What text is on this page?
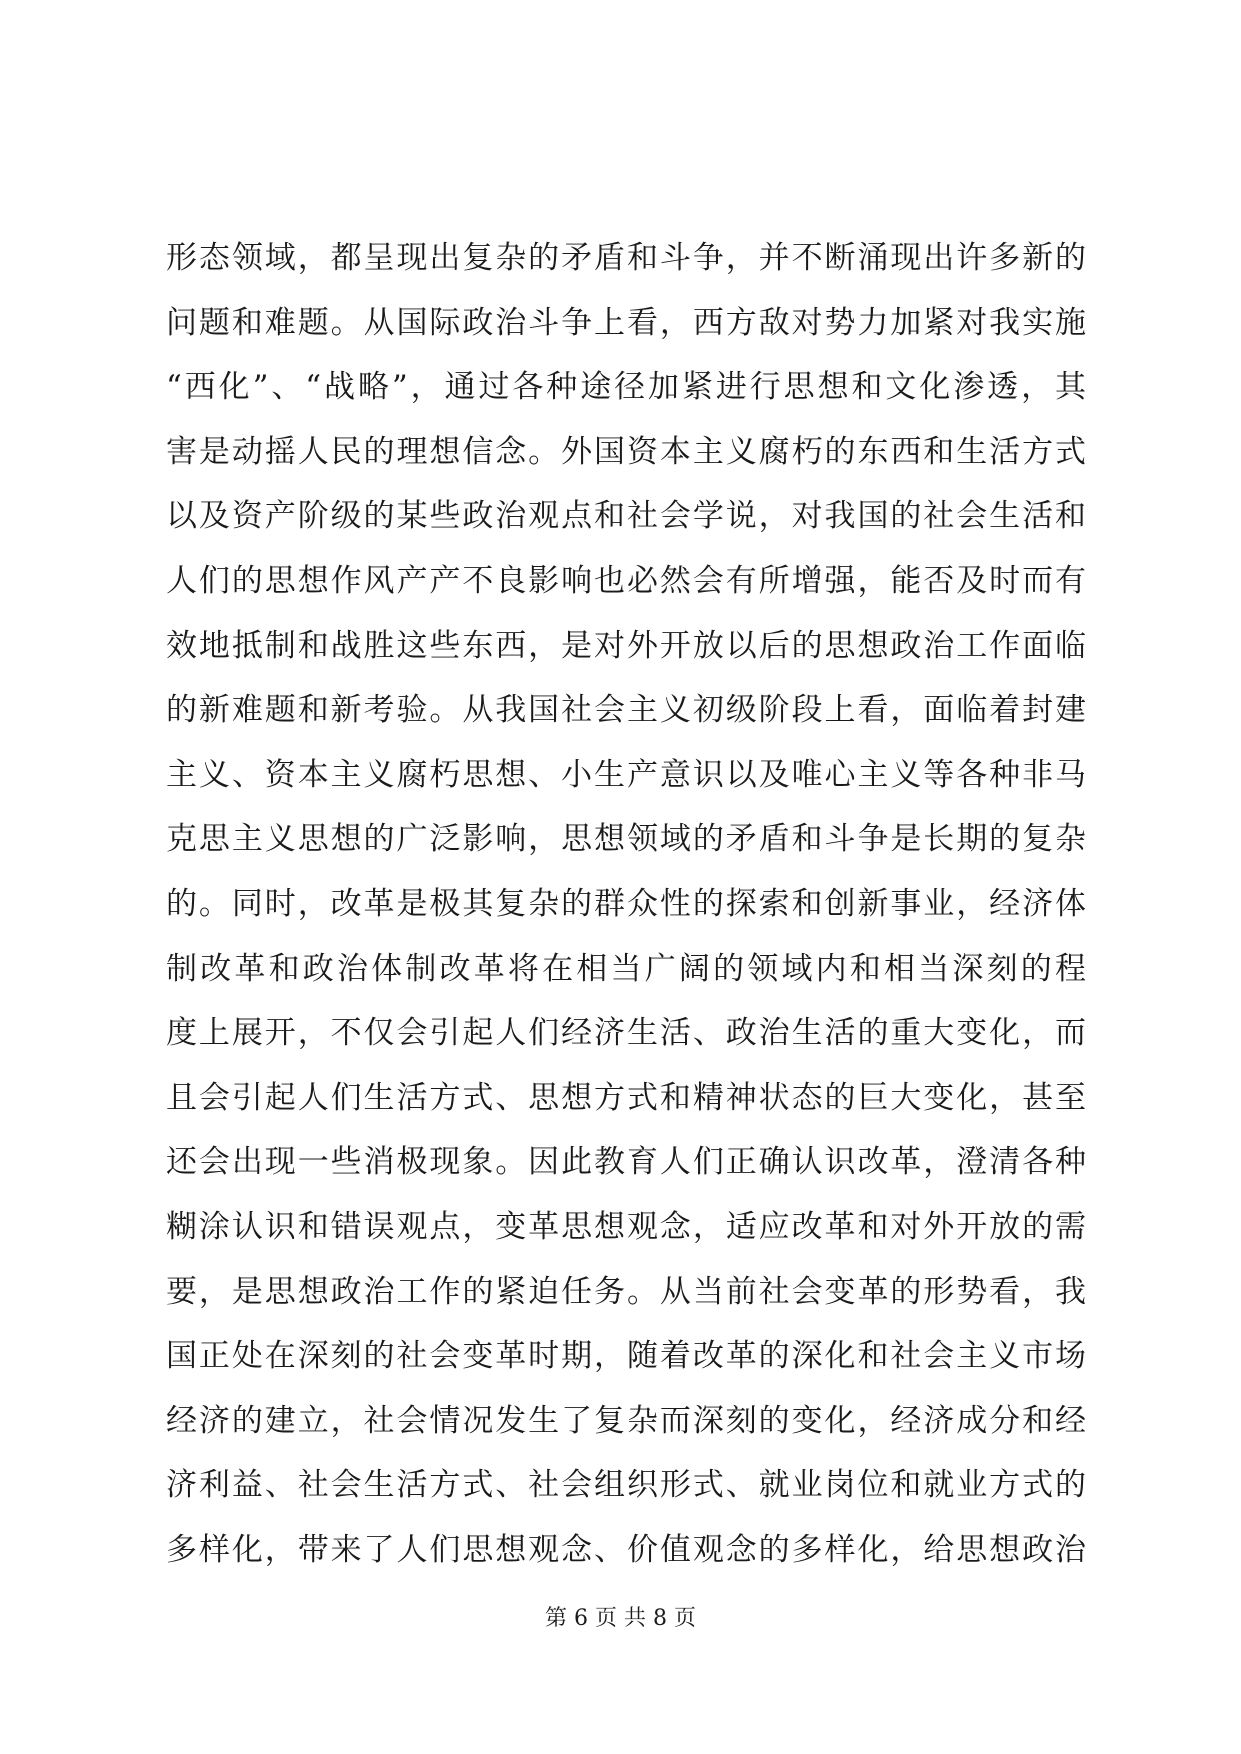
形态领域，都呈现出复杂的矛盾和斗争，并不断涌现出许多新的
问题和难题。从国际政治斗争上看，西方敌对势力加紧对我实施
“西化”、“战略”，通过各种途径加紧进行思想和文化渗透，其
害是动摇人民的理想信念。外国资本主义腐朽的东西和生活方式
以及资产阶级的某些政治观点和社会学说，对我国的社会生活和
人们的思想作风产产不良影响也必然会有所增强，能否及时而有
效地抵制和战胜这些东西，是对外开放以后的思想政治工作面临
的新难题和新考验。从我国社会主义初级阶段上看，面临着封建
主义、资本主义腐朽思想、小生产意识以及唯心主义等各种非马
克思主义思想的广泛影响，思想领域的矛盾和斗争是长期的复杂
的。同时，改革是极其复杂的群众性的探索和创新事业，经济体
制改革和政治体制改革将在相当广阔的领域内和相当深刻的程
度上展开，不仅会引起人们经济生活、政治生活的重大变化，而
且会引起人们生活方式、思想方式和精神状态的巨大变化，甚至
还会出现一些消极现象。因此教育人们正确认识改革，澄清各种
糊涂认识和错误观点，变革思想观念，适应改革和对外开放的需
要，是思想政治工作的紧迫任务。从当前社会变革的形势看，我
国正处在深刻的社会变革时期，随着改革的深化和社会主义市场
经济的建立，社会情况发生了复杂而深刻的变化，经济成分和经
济利益、社会生活方式、社会组织形式、就业岗位和就业方式的
多样化，带来了人们思想观念、价值观念的多样化，给思想政治
第 6 页 共 8 页
